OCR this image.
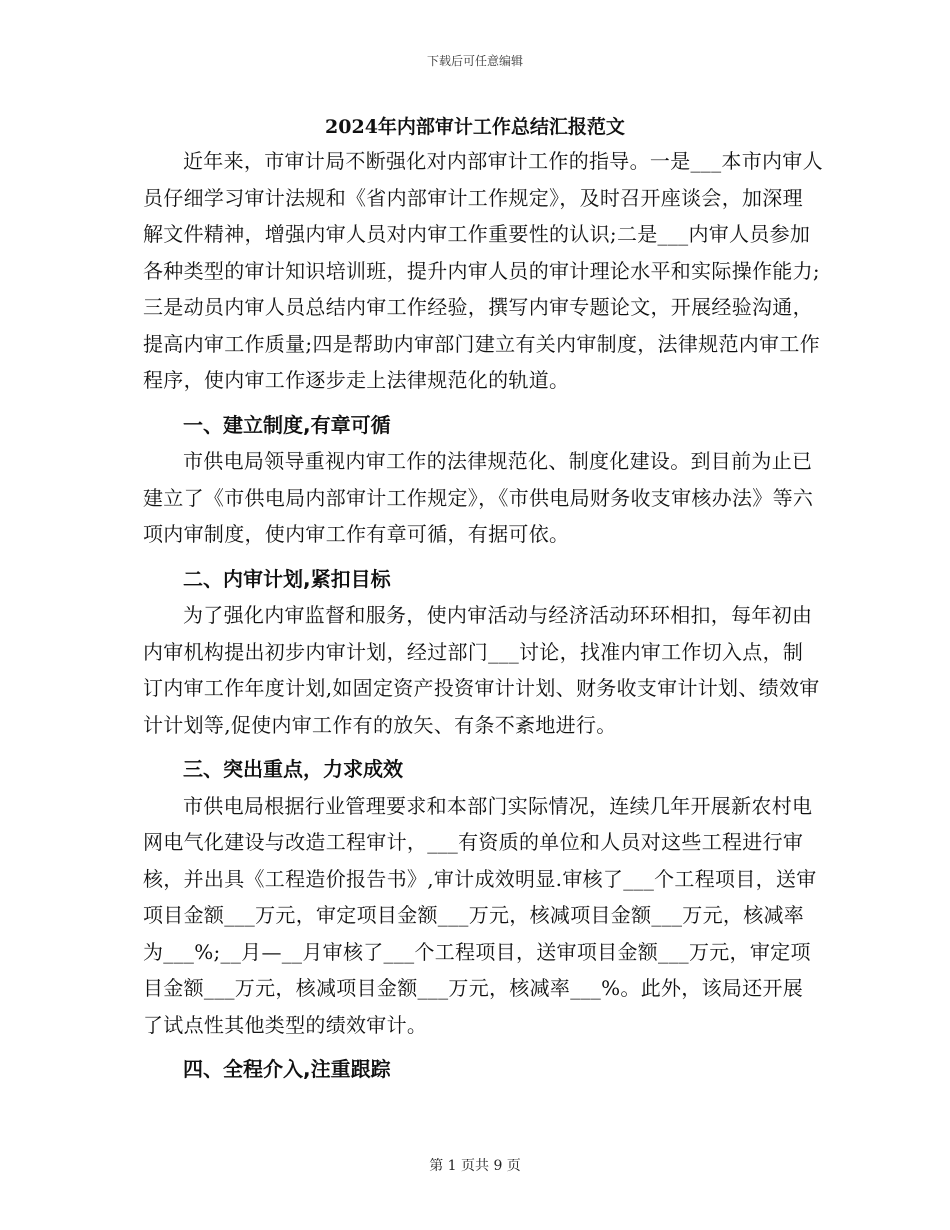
下载后可任意编辑
2024年内部审计工作总结汇报范文

近年来，市审计局不断强化对内部审计工作的指导。一是___本市内审人员仔细学习审计法规和《省内部审计工作规定》，及时召开座谈会，加深理解文件精神，增强内审人员对内审工作重要性的认识;二是___内审人员参加各种类型的审计知识培训班，提升内审人员的审计理论水平和实际操作能力;三是动员内审人员总结内审工作经验，撰写内审专题论文，开展经验沟通，提高内审工作质量;四是帮助内审部门建立有关内审制度，法律规范内审工作程序，使内审工作逐步走上法律规范化的轨道。

一、建立制度,有章可循

市供电局领导重视内审工作的法律规范化、制度化建设。到目前为止已建立了《市供电局内部审计工作规定》，《市供电局财务收支审核办法》等六项内审制度，使内审工作有章可循，有据可依。

二、内审计划,紧扣目标

为了强化内审监督和服务，使内审活动与经济活动环环相扣，每年初由内审机构提出初步内审计划，经过部门___讨论，找准内审工作切入点，制订内审工作年度计划,如固定资产投资审计计划、财务收支审计计划、绩效审计计划等,促使内审工作有的放矢、有条不紊地进行。

三、突出重点，力求成效

市供电局根据行业管理要求和本部门实际情况，连续几年开展新农村电网电气化建设与改造工程审计，___有资质的单位和人员对这些工程进行审核，并出具《工程造价报告书》,审计成效明显.审核了___个工程项目，送审项目金额___万元，审定项目金额___万元，核减项目金额___万元，核减率为___%;__月—__月审核了___个工程项目，送审项目金额___万元，审定项目金额___万元，核减项目金额___万元，核减率___%。此外，该局还开展了试点性其他类型的绩效审计。

四、全程介入,注重跟踪

第 1 页共 9 页
